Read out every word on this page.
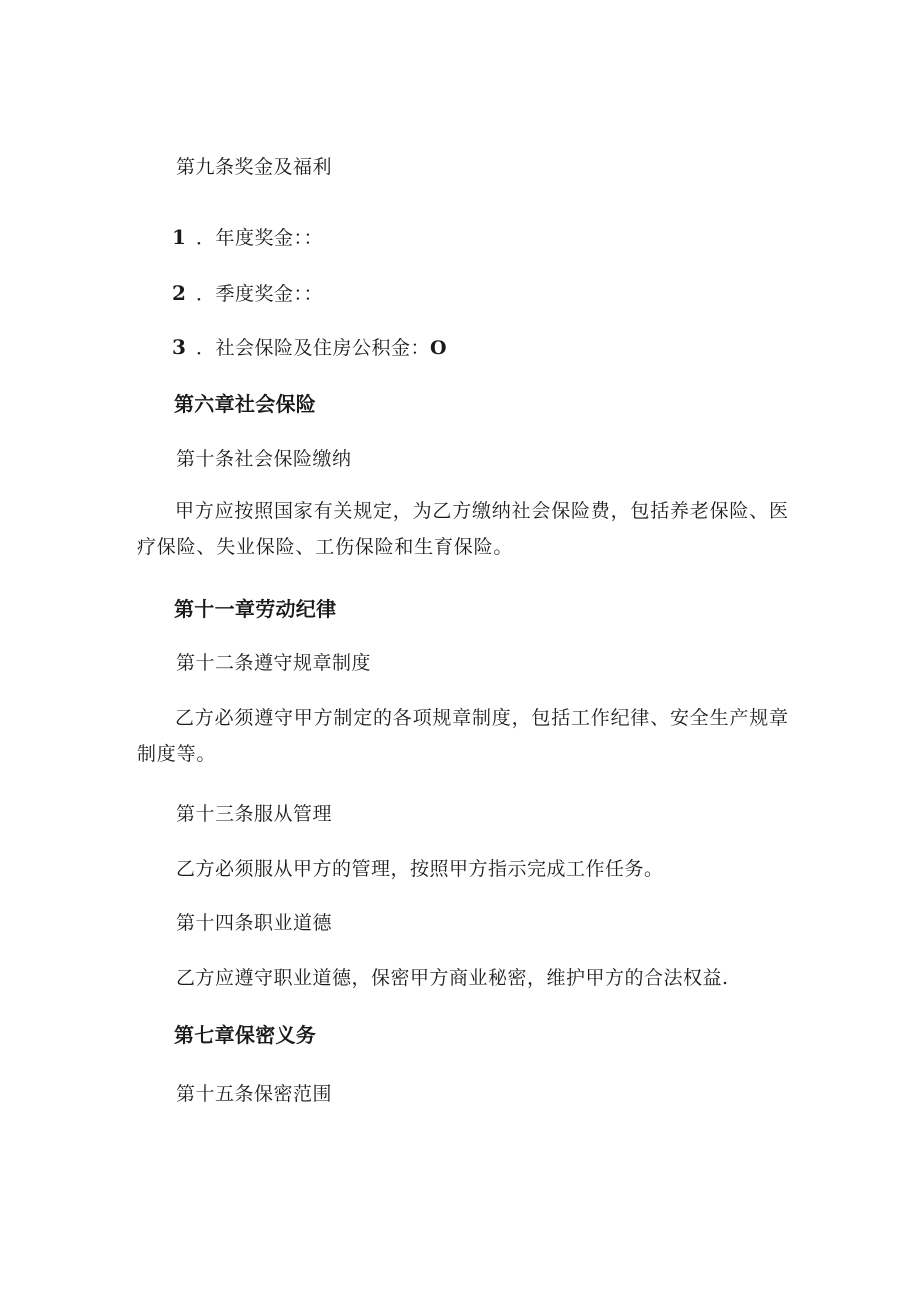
第九条奖金及福利
1 ．年度奖金：：
2 ．季度奖金：：
3 ．社会保险及住房公积金：O
第六章社会保险
第十条社会保险缴纳
甲方应按照国家有关规定，为乙方缴纳社会保险费，包括养老保险、医疗保险、失业保险、工伤保险和生育保险。
第十一章劳动纪律
第十二条遵守规章制度
乙方必须遵守甲方制定的各项规章制度，包括工作纪律、安全生产规章制度等。
第十三条服从管理
乙方必须服从甲方的管理，按照甲方指示完成工作任务。
第十四条职业道德
乙方应遵守职业道德，保密甲方商业秘密，维护甲方的合法权益.
第七章保密义务
第十五条保密范围
